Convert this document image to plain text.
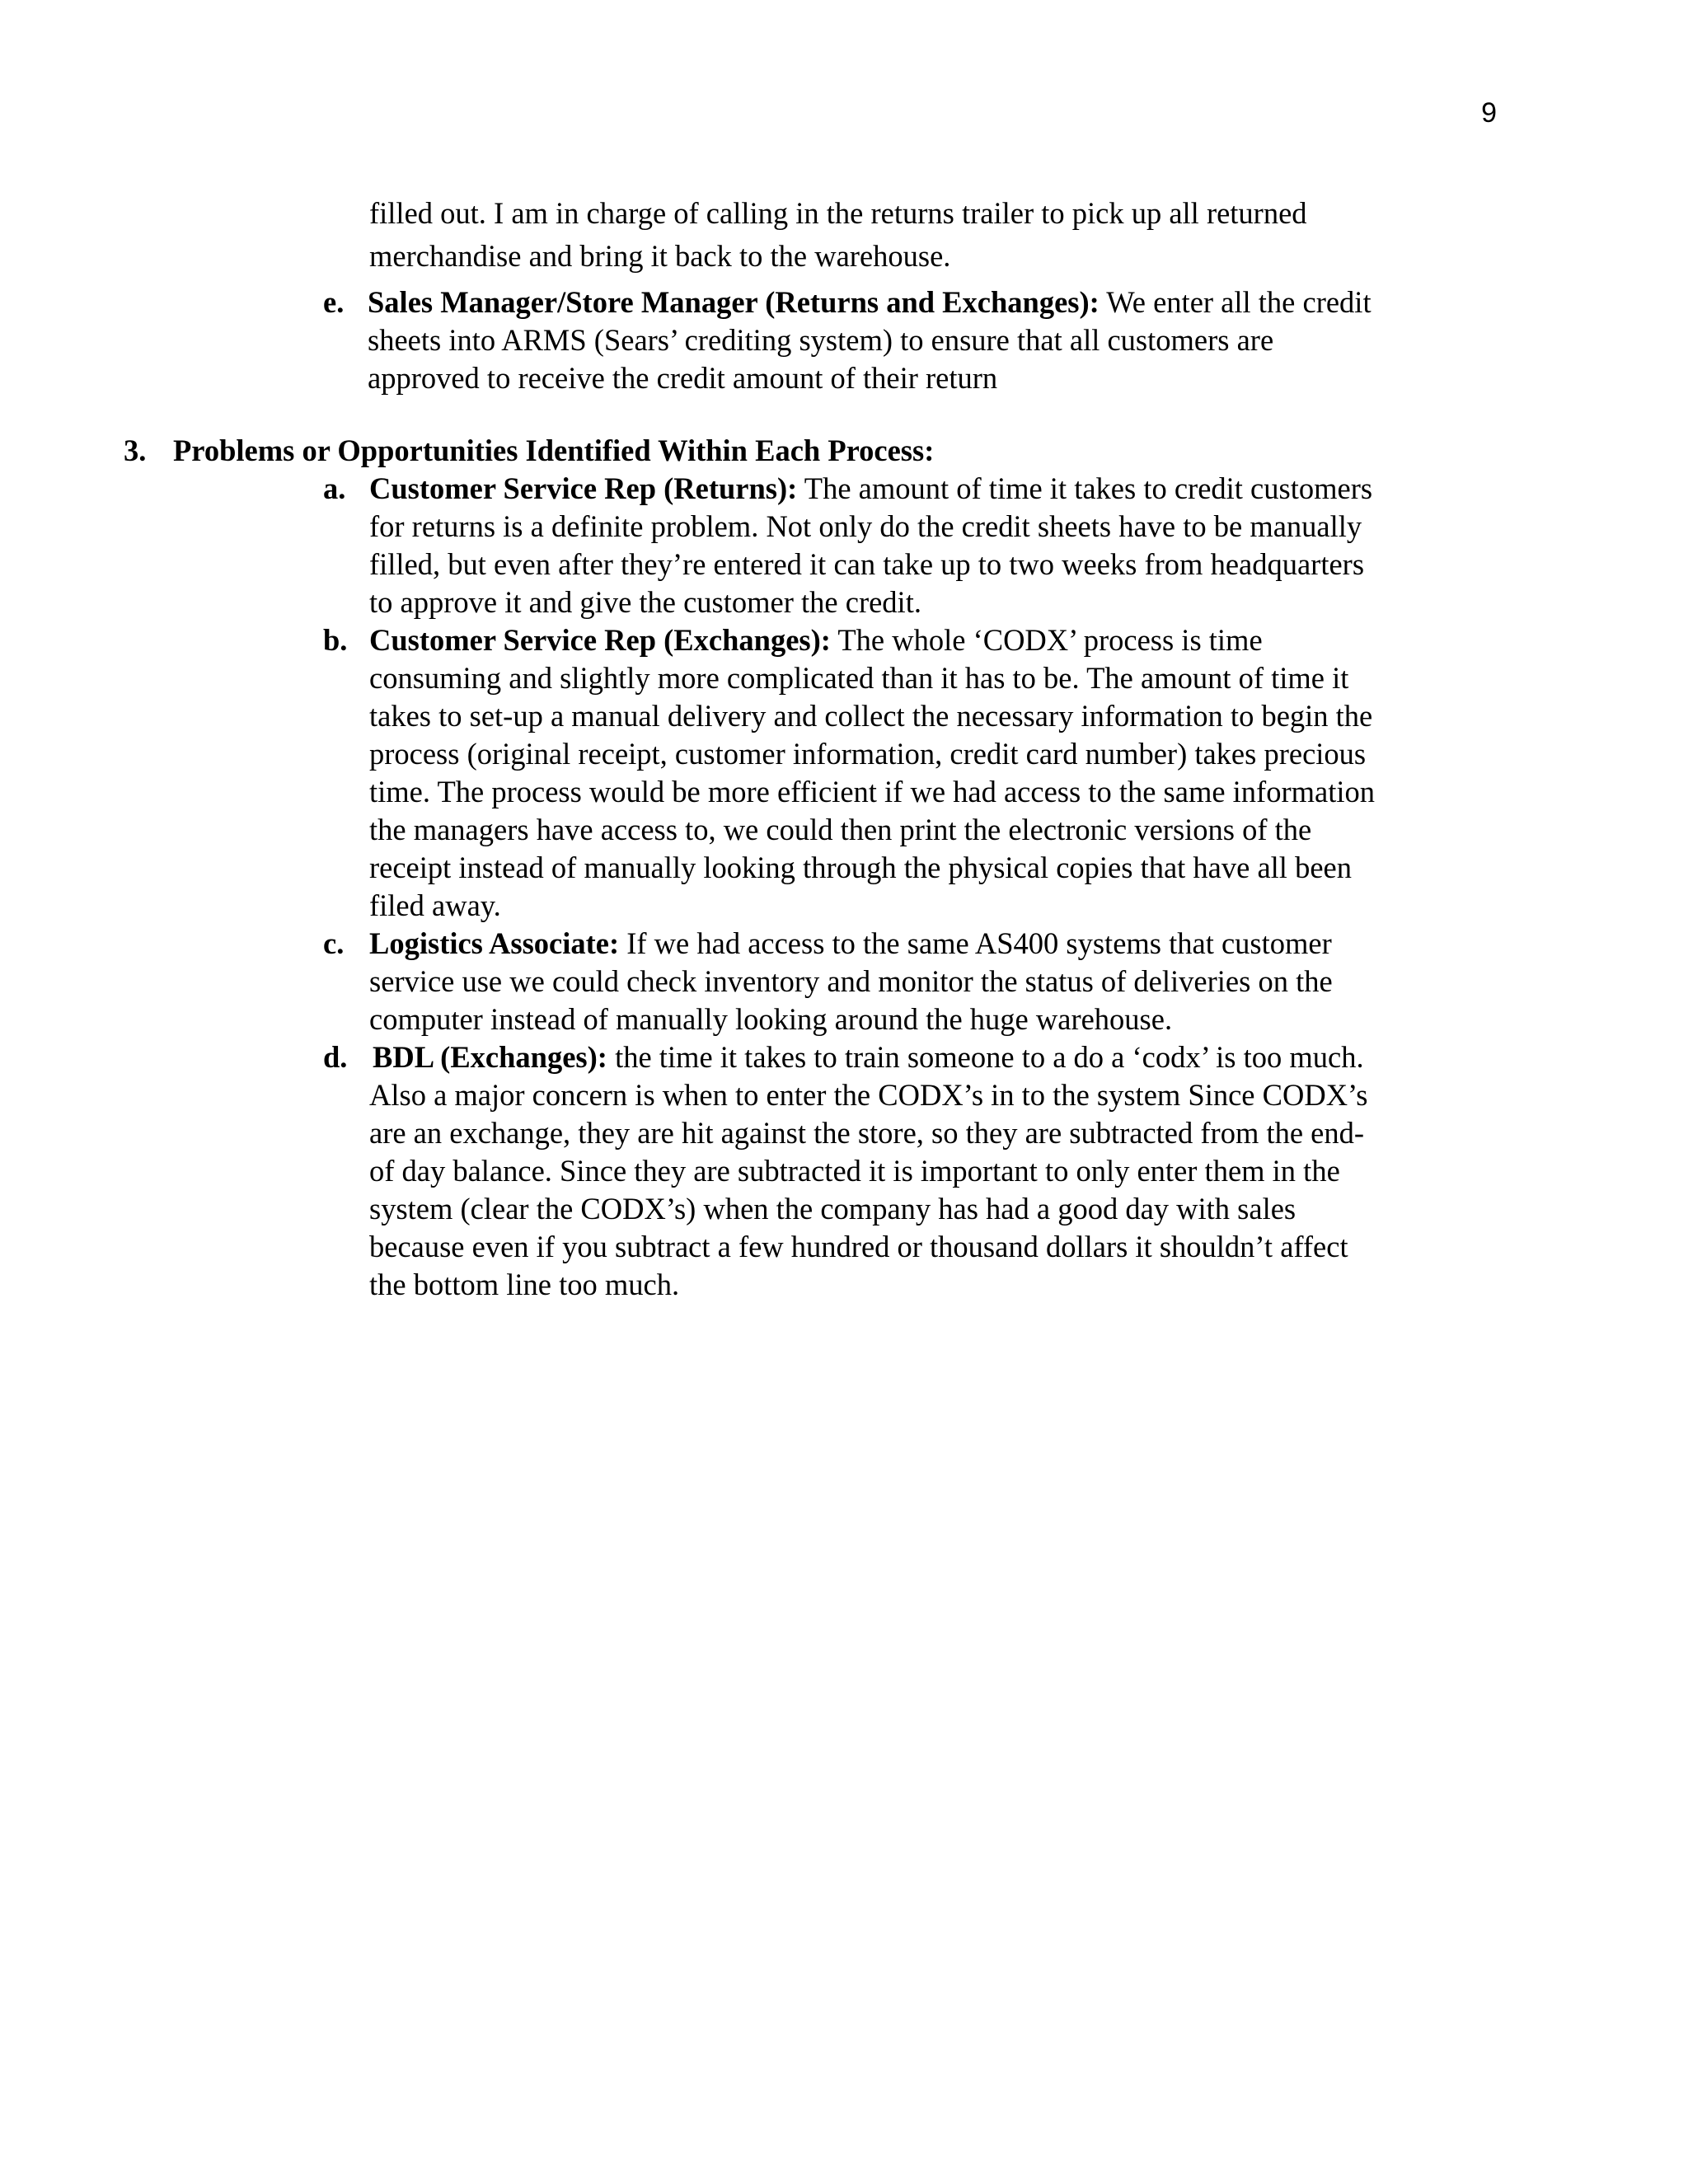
9
filled out. I am in charge of calling in the returns trailer to pick up all returned
merchandise and bring it back to the warehouse.
e. Sales Manager/Store Manager (Returns and Exchanges): We enter all the credit
sheets into ARMS (Sears’ crediting system) to ensure that all customers are
approved to receive the credit amount of their return
3. Problems or Opportunities Identified Within Each Process:
a. Customer Service Rep (Returns): The amount of time it takes to credit customers
for returns is a definite problem. Not only do the credit sheets have to be manually
filled, but even after they’re entered it can take up to two weeks from headquarters
to approve it and give the customer the credit.
b. Customer Service Rep (Exchanges): The whole ‘CODX’ process is time
consuming and slightly more complicated than it has to be. The amount of time it
takes to set-up a manual delivery and collect the necessary information to begin the
process (original receipt, customer information, credit card number) takes precious
time. The process would be more efficient if we had access to the same information
the managers have access to, we could then print the electronic versions of the
receipt instead of manually looking through the physical copies that have all been
filed away.
c. Logistics Associate: If we had access to the same AS400 systems that customer
service use we could check inventory and monitor the status of deliveries on the
computer instead of manually looking around the huge warehouse.
d. BDL (Exchanges): the time it takes to train someone to a do a ‘codx’ is too much.
Also a major concern is when to enter the CODX’s in to the system Since CODX’s
are an exchange, they are hit against the store, so they are subtracted from the end-
of day balance. Since they are subtracted it is important to only enter them in the
system (clear the CODX’s) when the company has had a good day with sales
because even if you subtract a few hundred or thousand dollars it shouldn’t affect
the bottom line too much.
